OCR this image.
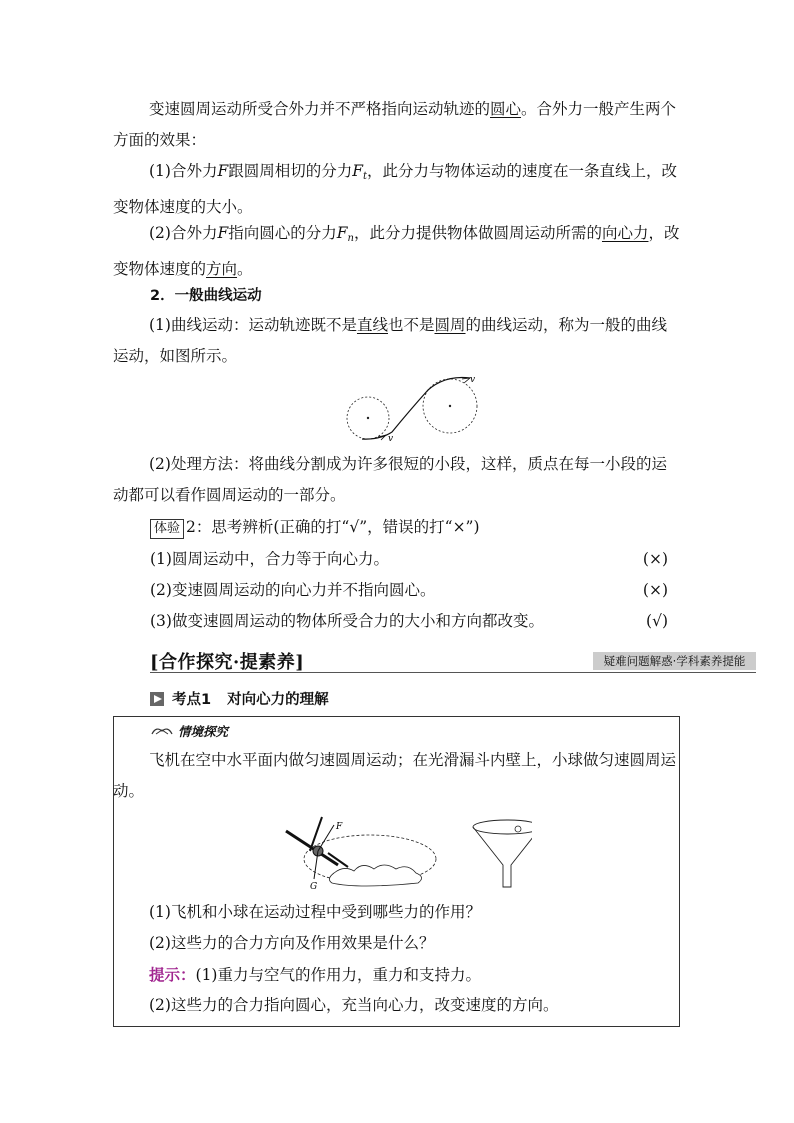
变速圆周运动所受合外力并不严格指向运动轨迹的圆心。合外力一般产生两个方面的效果：

(1)合外力F跟圆周相切的分力$F_t$，此分力与物体运动的速度在一条直线上，改变物体速度的大小。

(2)合外力F指向圆心的分力$F_n$，此分力提供物体做圆周运动所需的向心力，改变物体速度的方向。

2．一般曲线运动

(1)曲线运动：运动轨迹既不是直线也不是圆周的曲线运动，称为一般的曲线运动，如图所示。

v
v

(2)处理方法：将曲线分割成为许多很短的小段，这样，质点在每一小段的运动都可以看作圆周运动的一部分。

体验 2：思考辨析(正确的打“√”，错误的打“×”)
(1)圆周运动中，合力等于向心力。	(×)
(2)变速圆周运动的向心力并不指向圆心。	(×)
(3)做变速圆周运动的物体所受合力的大小和方向都改变。	(√)
[合作探究·提素养]	疑难问题解惑·学科素养提能
考点1 对向心力的理解
情境探究

飞机在空中水平面内做匀速圆周运动；在光滑漏斗内壁上，小球做匀速圆周运动。

F
G

(1)飞机和小球在运动过程中受到哪些力的作用？

(2)这些力的合力方向及作用效果是什么？

提示：(1)重力与空气的作用力，重力和支持力。

(2)这些力的合力指向圆心，充当向心力，改变速度的方向。
